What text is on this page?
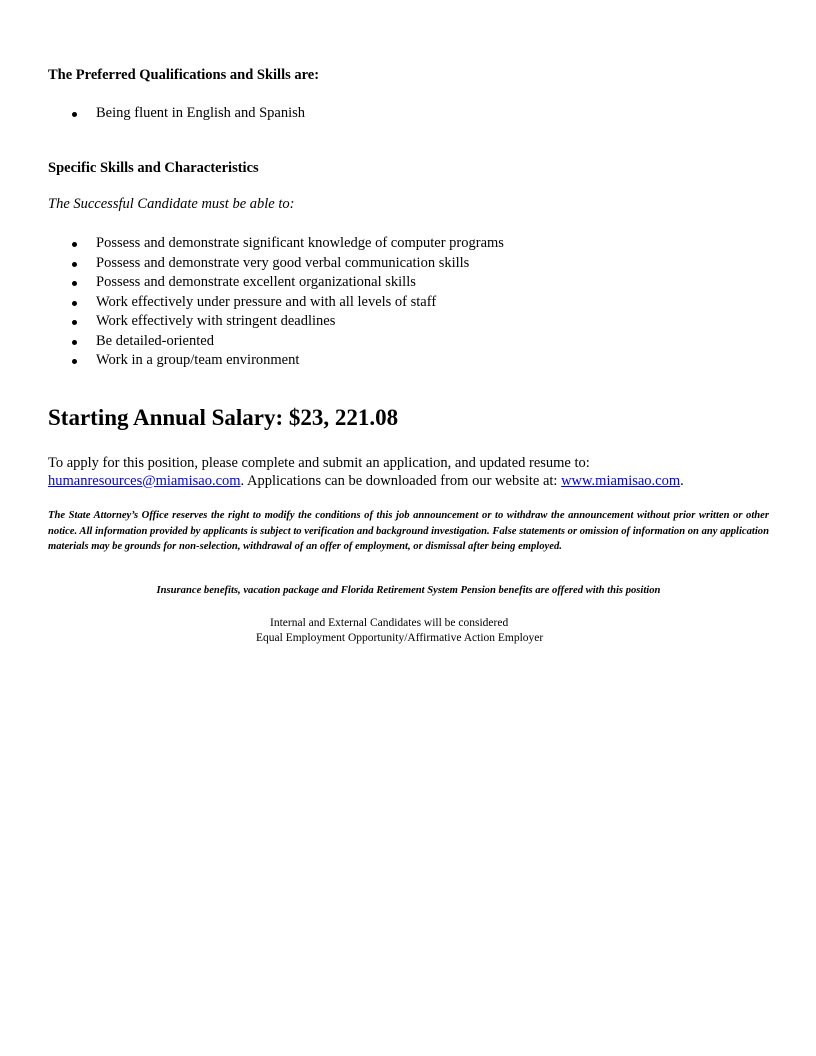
The Preferred Qualifications and Skills are:

Being fluent in English and Spanish

Specific Skills and Characteristics

The Successful Candidate must be able to:

Possess and demonstrate significant knowledge of computer programs
Possess and demonstrate very good verbal communication skills
Possess and demonstrate excellent organizational skills
Work effectively under pressure and with all levels of staff
Work effectively with stringent deadlines
Be detailed-oriented
Work in a group/team environment

Starting Annual Salary: $23, 221.08

To apply for this position, please complete and submit an application, and updated resume to: humanresources@miamisao.com. Applications can be downloaded from our website at: www.miamisao.com.

The State Attorney’s Office reserves the right to modify the conditions of this job announcement or to withdraw the announcement without prior written or other notice. All information provided by applicants is subject to verification and background investigation. False statements or omission of information on any application materials may be grounds for non-selection, withdrawal of an offer of employment, or dismissal after being employed.

Insurance benefits, vacation package and Florida Retirement System Pension benefits are offered with this position

Internal and External Candidates will be considered

Equal Employment Opportunity/Affirmative Action Employer
